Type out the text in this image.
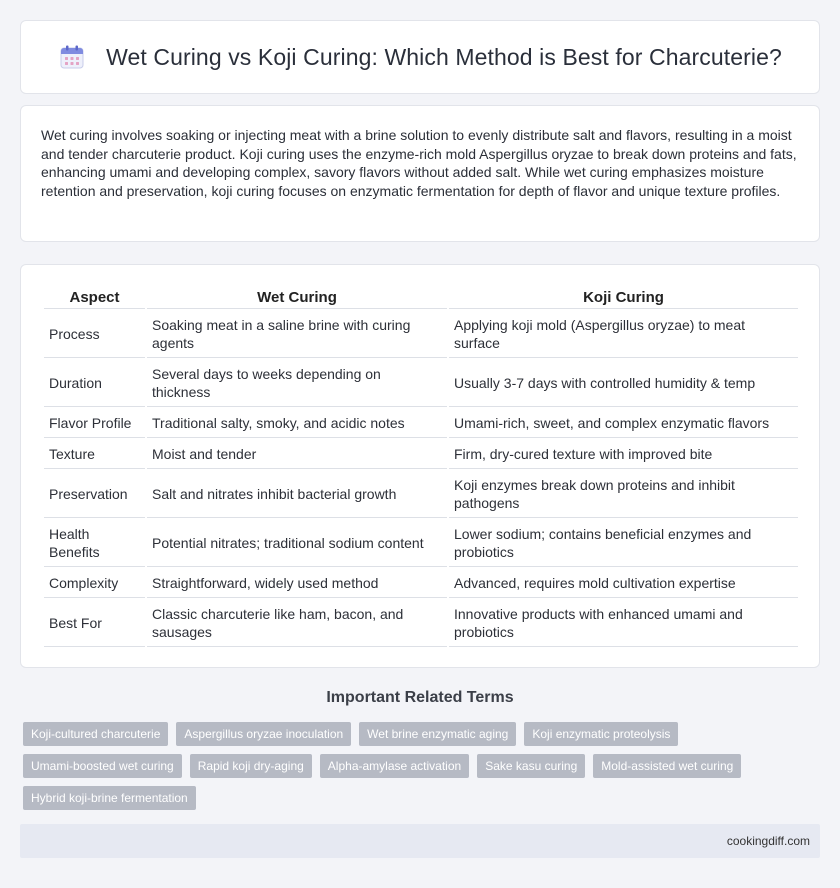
Wet Curing vs Koji Curing: Which Method is Best for Charcuterie?

Wet curing involves soaking or injecting meat with a brine solution to evenly distribute salt and flavors, resulting in a moist and tender charcuterie product. Koji curing uses the enzyme-rich mold Aspergillus oryzae to break down proteins and fats, enhancing umami and developing complex, savory flavors without added salt. While wet curing emphasizes moisture retention and preservation, koji curing focuses on enzymatic fermentation for depth of flavor and unique texture profiles.

Aspect	Wet Curing	Koji Curing
Process	Soaking meat in a saline brine with curing agents	Applying koji mold (Aspergillus oryzae) to meat surface
Duration	Several days to weeks depending on thickness	Usually 3-7 days with controlled humidity & temp
Flavor Profile	Traditional salty, smoky, and acidic notes	Umami-rich, sweet, and complex enzymatic flavors
Texture	Moist and tender	Firm, dry-cured texture with improved bite
Preservation	Salt and nitrates inhibit bacterial growth	Koji enzymes break down proteins and inhibit pathogens
Health Benefits	Potential nitrates; traditional sodium content	Lower sodium; contains beneficial enzymes and probiotics
Complexity	Straightforward, widely used method	Advanced, requires mold cultivation expertise
Best For	Classic charcuterie like ham, bacon, and sausages	Innovative products with enhanced umami and probiotics
Important Related Terms
Koji-cultured charcuterie	Aspergillus oryzae inoculation	Wet brine enzymatic aging	Koji enzymatic proteolysis
Umami-boosted wet curing	Rapid koji dry-aging	Alpha-amylase activation	Sake kasu curing	Mold-assisted wet curing
Hybrid koji-brine fermentation
cookingdiff.com
